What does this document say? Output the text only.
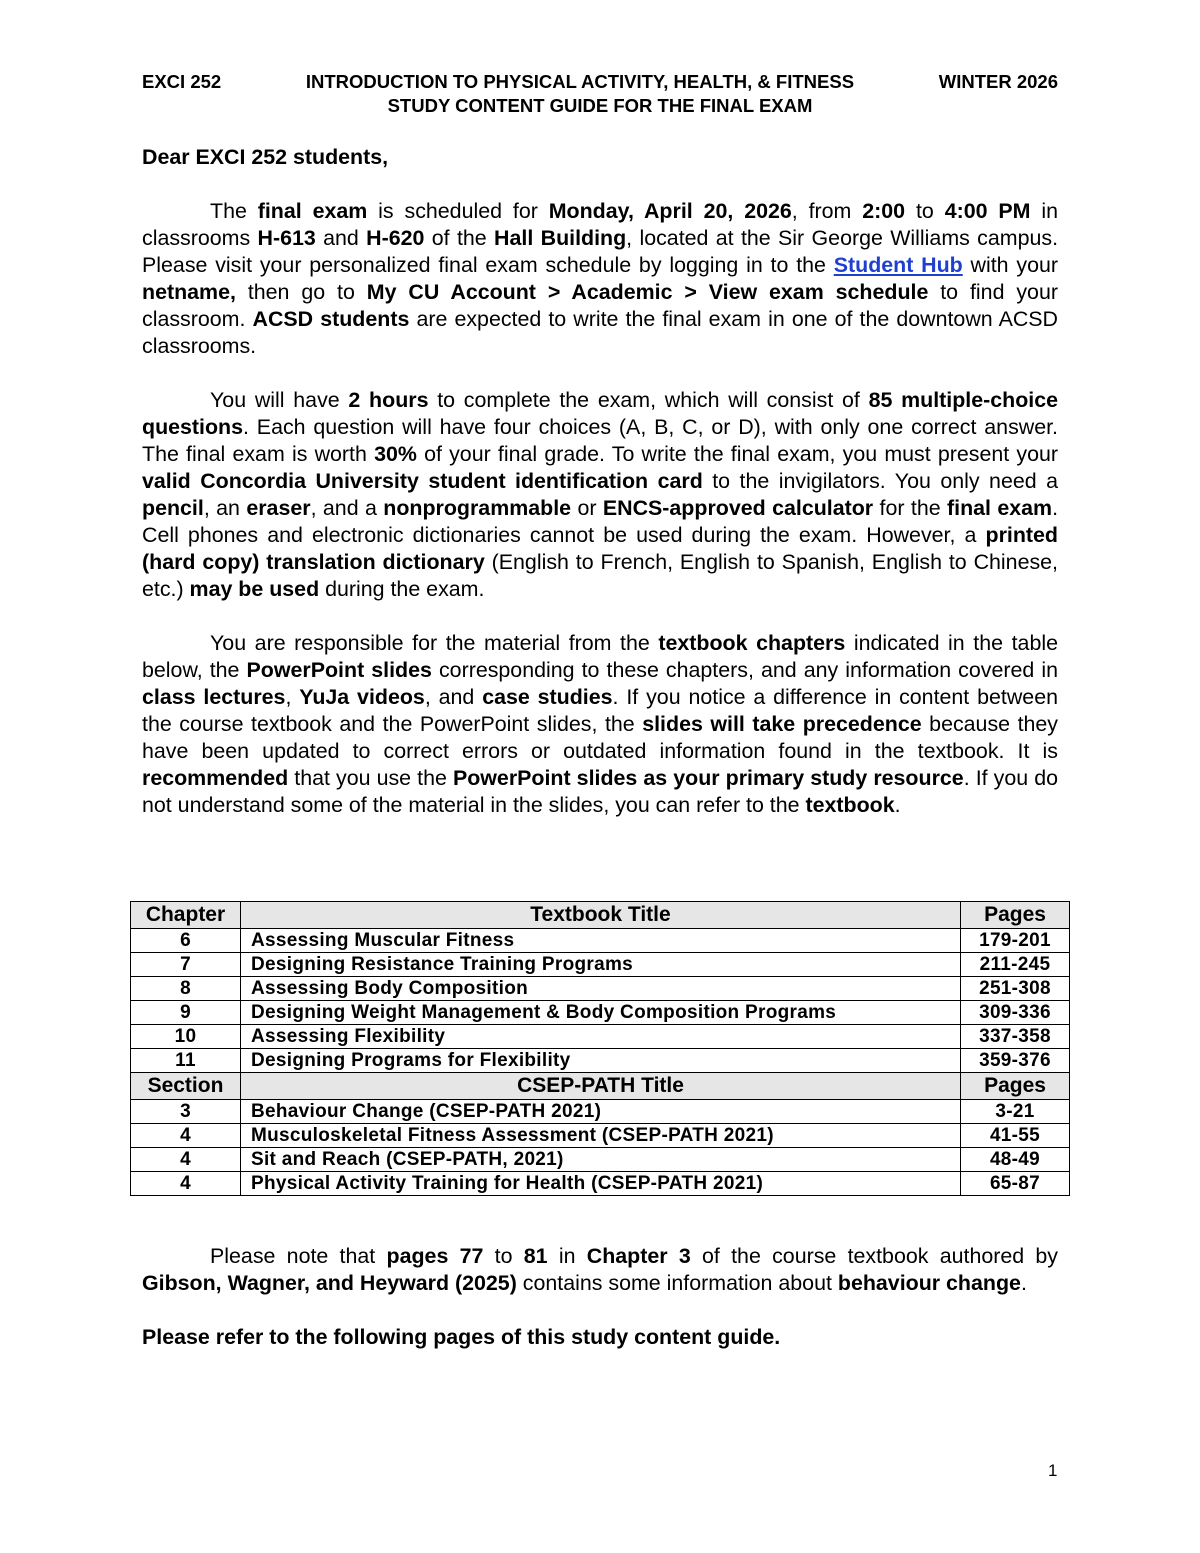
EXCI 252	INTRODUCTION TO PHYSICAL ACTIVITY, HEALTH, & FITNESS	WINTER 2026
STUDY CONTENT GUIDE FOR THE FINAL EXAM

Dear EXCI 252 students,

The final exam is scheduled for Monday, April 20, 2026, from 2:00 to 4:00 PM in classrooms H-613 and H-620 of the Hall Building, located at the Sir George Williams campus. Please visit your personalized final exam schedule by logging in to the Student Hub with your netname, then go to My CU Account > Academic > View exam schedule to find your classroom. ACSD students are expected to write the final exam in one of the downtown ACSD classrooms.

You will have 2 hours to complete the exam, which will consist of 85 multiple-choice questions. Each question will have four choices (A, B, C, or D), with only one correct answer. The final exam is worth 30% of your final grade. To write the final exam, you must present your valid Concordia University student identification card to the invigilators. You only need a pencil, an eraser, and a nonprogrammable or ENCS-approved calculator for the final exam. Cell phones and electronic dictionaries cannot be used during the exam. However, a printed (hard copy) translation dictionary (English to French, English to Spanish, English to Chinese, etc.) may be used during the exam.

You are responsible for the material from the textbook chapters indicated in the table below, the PowerPoint slides corresponding to these chapters, and any information covered in class lectures, YuJa videos, and case studies. If you notice a difference in content between the course textbook and the PowerPoint slides, the slides will take precedence because they have been updated to correct errors or outdated information found in the textbook. It is recommended that you use the PowerPoint slides as your primary study resource. If you do not understand some of the material in the slides, you can refer to the textbook.

Chapter	Textbook Title	Pages
6	Assessing Muscular Fitness	179-201
7	Designing Resistance Training Programs	211-245
8	Assessing Body Composition	251-308
9	Designing Weight Management & Body Composition Programs	309-336
10	Assessing Flexibility	337-358
11	Designing Programs for Flexibility	359-376
Section	CSEP-PATH Title	Pages
3	Behaviour Change (CSEP-PATH 2021)	3-21
4	Musculoskeletal Fitness Assessment (CSEP-PATH 2021)	41-55
4	Sit and Reach (CSEP-PATH, 2021)	48-49
4	Physical Activity Training for Health (CSEP-PATH 2021)	65-87

Please note that pages 77 to 81 in Chapter 3 of the course textbook authored by Gibson, Wagner, and Heyward (2025) contains some information about behaviour change.

Please refer to the following pages of this study content guide.

1
